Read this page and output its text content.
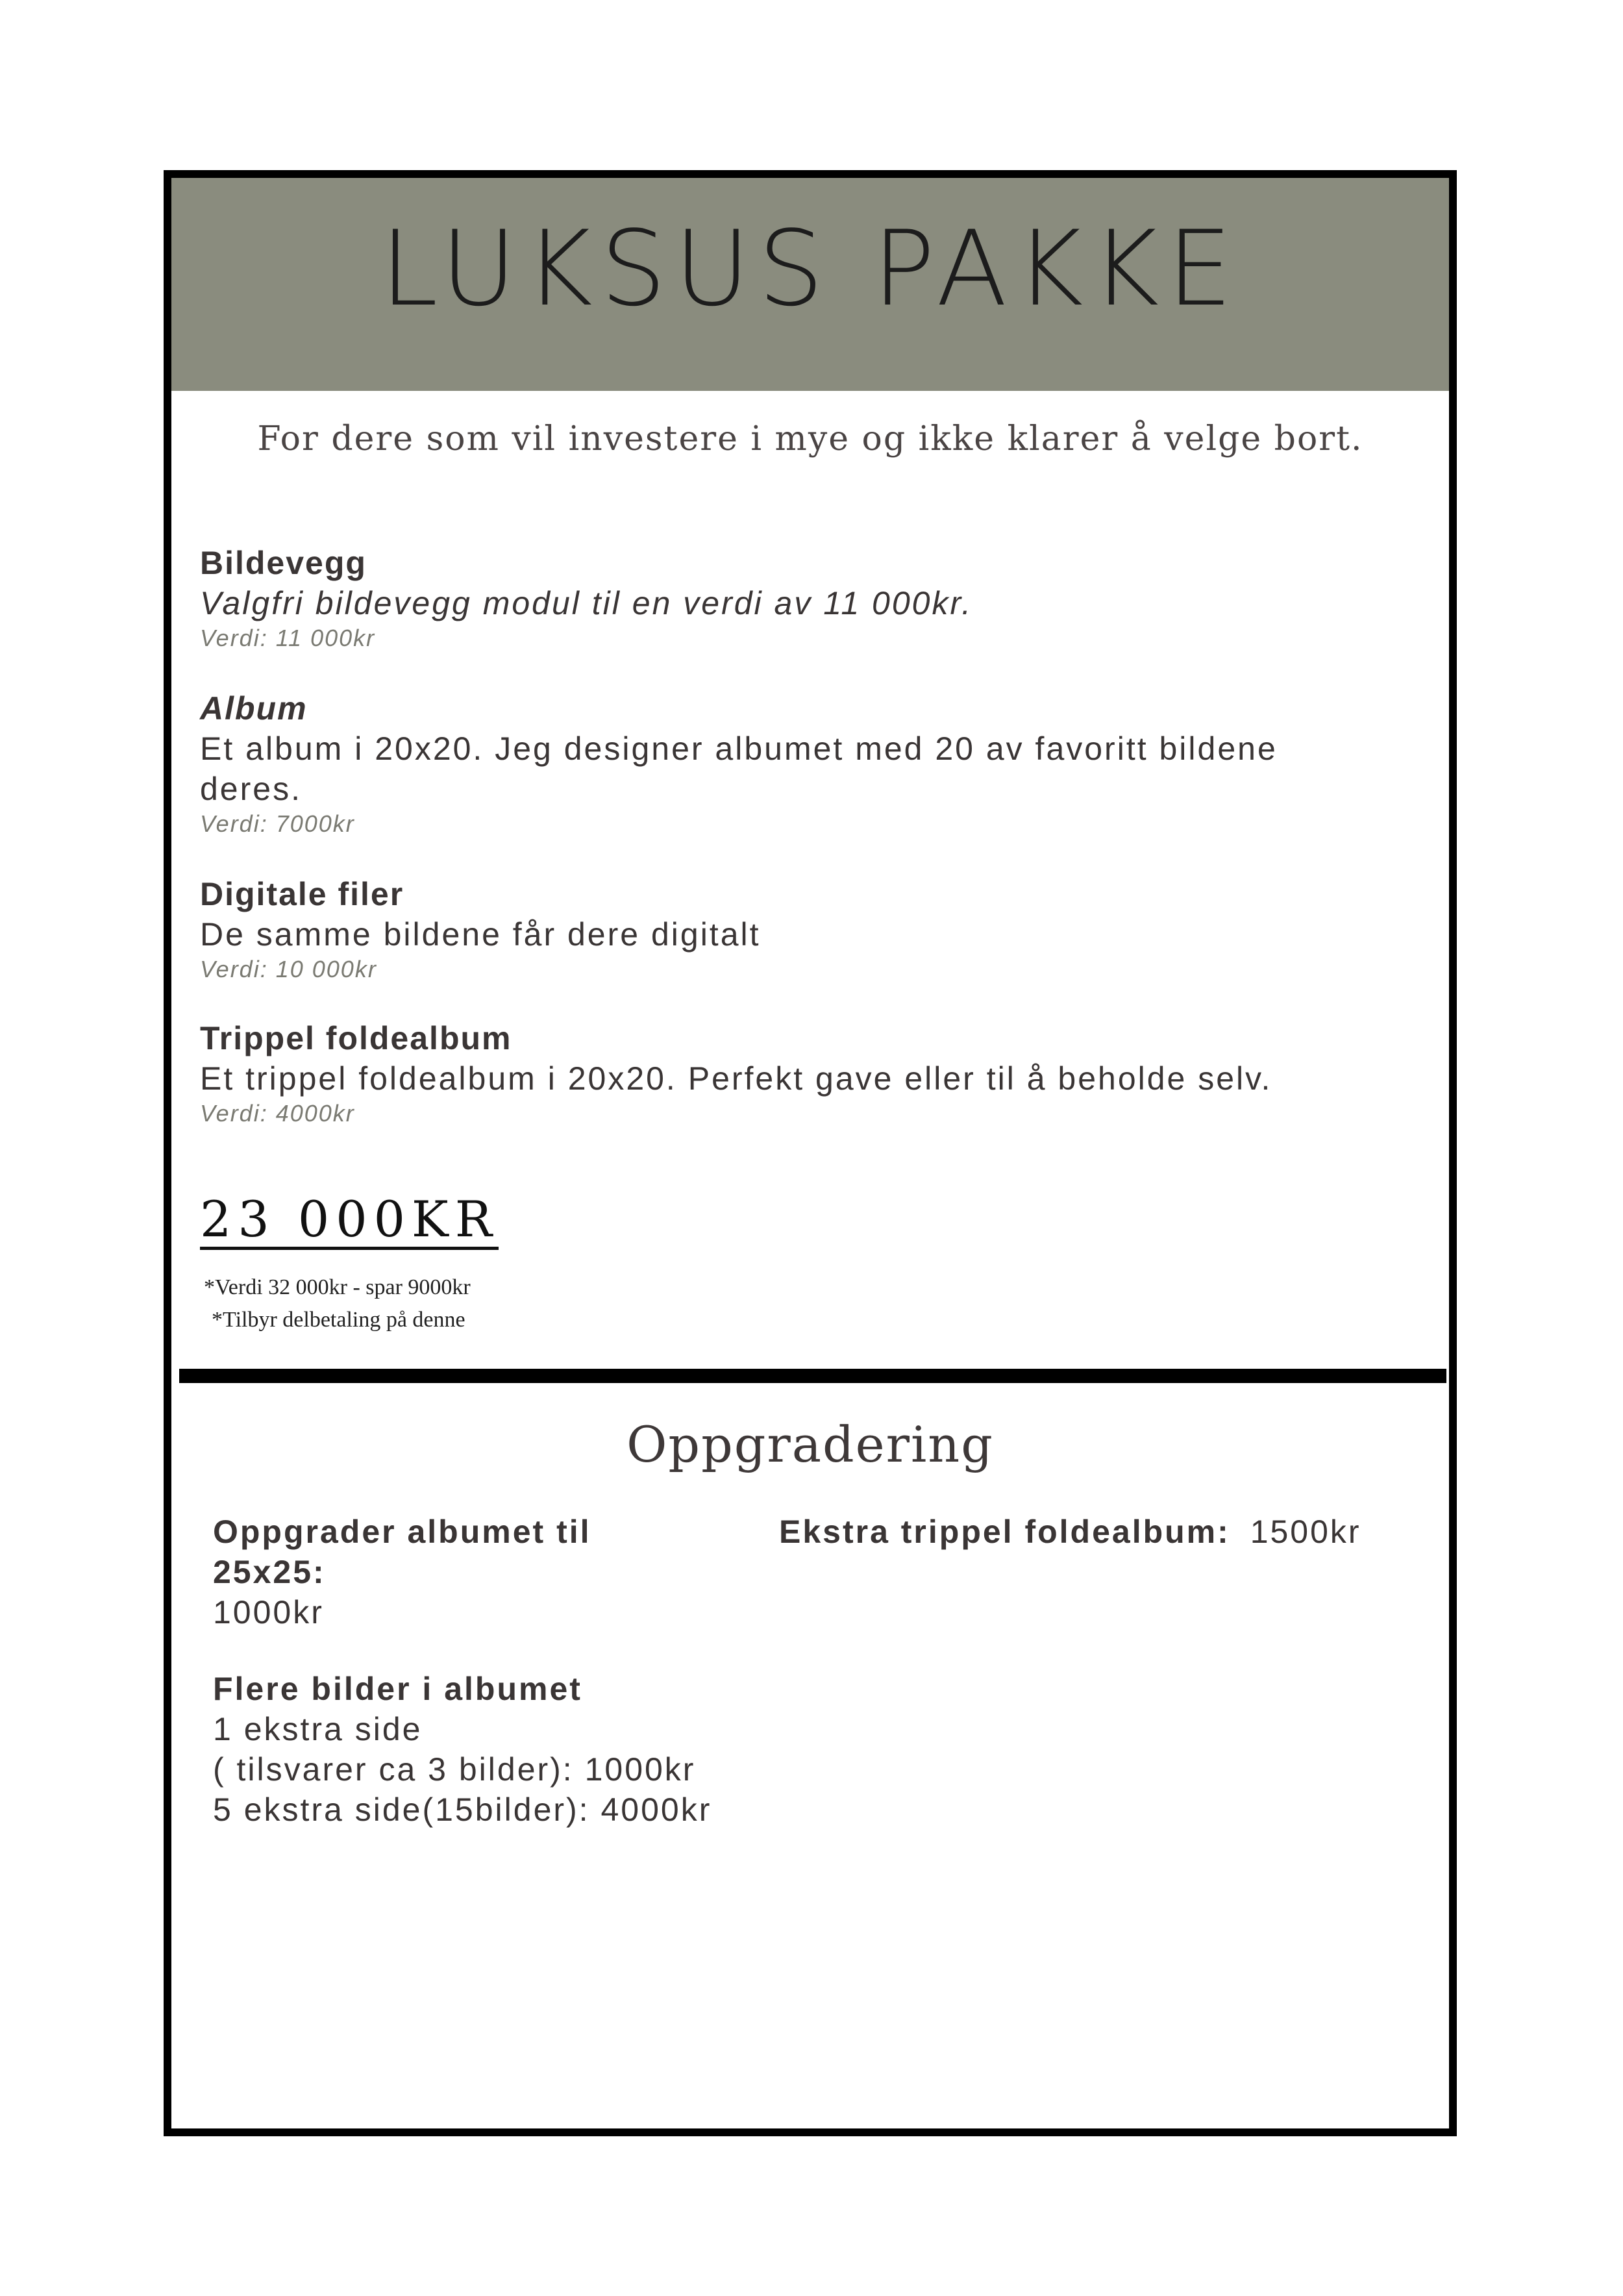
LUKSUS PAKKE
For dere som vil investere i mye og ikke klarer å velge bort.
Bildevegg
Valgfri bildevegg modul til en verdi av 11 000kr.
Verdi: 11 000kr
Album
Et album i 20x20. Jeg designer albumet med 20 av favoritt bildene
deres.
Verdi: 7000kr
Digitale filer
De samme bildene får dere digitalt
Verdi: 10 000kr
Trippel foldealbum
Et trippel foldealbum i 20x20. Perfekt gave eller til å beholde selv.
Verdi: 4000kr
23 000KR
*Verdi 32 000kr - spar 9000kr
*Tilbyr delbetaling på denne
Oppgradering
Oppgrader albumet til
25x25:
1000kr
Ekstra trippel foldealbum: 1500kr
Flere bilder i albumet
1 ekstra side
( tilsvarer ca 3 bilder): 1000kr
5 ekstra side(15bilder): 4000kr
